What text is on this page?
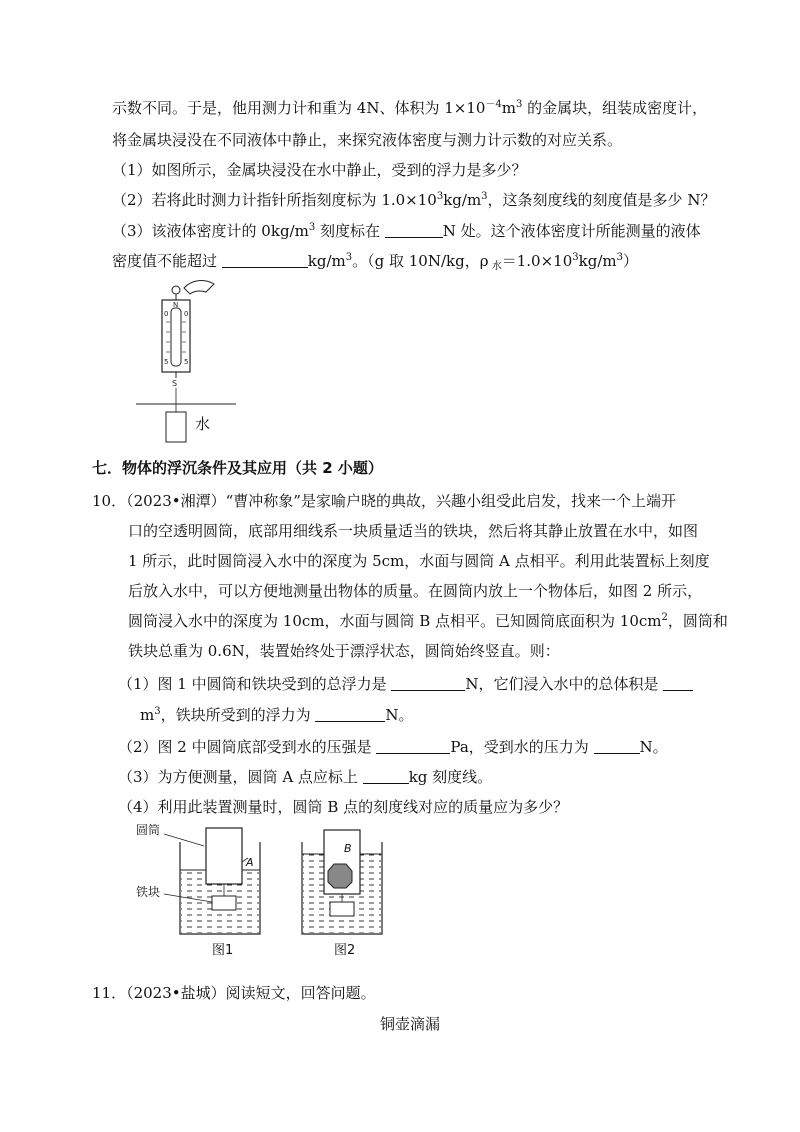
示数不同。于是，他用测力计和重为 4N、体积为 $1\times 10^{-4}m^3$ 的金属块，组装成密度计，
将金属块浸没在不同液体中静止，来探究液体密度与测力计示数的对应关系。
（1）如图所示，金属块浸没在水中静止，受到的浮力是多少？
（2）若将此时测力计指针所指刻度标为 $1.0\times 10^3kg/m^3$，这条刻度线的刻度值是多少 N？
（3）该液体密度计的 $0kg/m^3$ 刻度标在	N 处。这个液体密度计所能测量的液体
密度值不能超过	$kg/m^3$。（g 取 10N/kg，ρ $_水=1.0\times 10^3kg/m^3$）
N
0 0
5 5
S
水
七．物体的浮沉条件及其应用（共 2 小题）
10．（2023•湘潭）“曹冲称象”是家喻户晓的典故，兴趣小组受此启发，找来一个上端开
口的空透明圆筒，底部用细线系一块质量适当的铁块，然后将其静止放置在水中，如图
1 所示，此时圆筒浸入水中的深度为 5cm，水面与圆筒 A 点相平。利用此装置标上刻度
后放入水中，可以方便地测量出物体的质量。在圆筒内放上一个物体后，如图 2 所示，
圆筒浸入水中的深度为 10cm，水面与圆筒 B 点相平。已知圆筒底面积为 $10cm^2$，圆筒和
铁块总重为 0.6N，装置始终处于漂浮状态，圆筒始终竖直。则：
（1）图 1 中圆筒和铁块受到的总浮力是	N，它们浸入水中的总体积是
$m^3$，铁块所受到的浮力为	N。
（2）图 2 中圆筒底部受到水的压强是	Pa，受到水的压力为	N。
（3）为方便测量，圆筒 A 点应标上	kg 刻度线。
（4）利用此装置测量时，圆筒 B 点的刻度线对应的质量应为多少？
圆筒
A
铁块
图1
B
图2
11．（2023•盐城）阅读短文，回答问题。
铜壶滴漏
